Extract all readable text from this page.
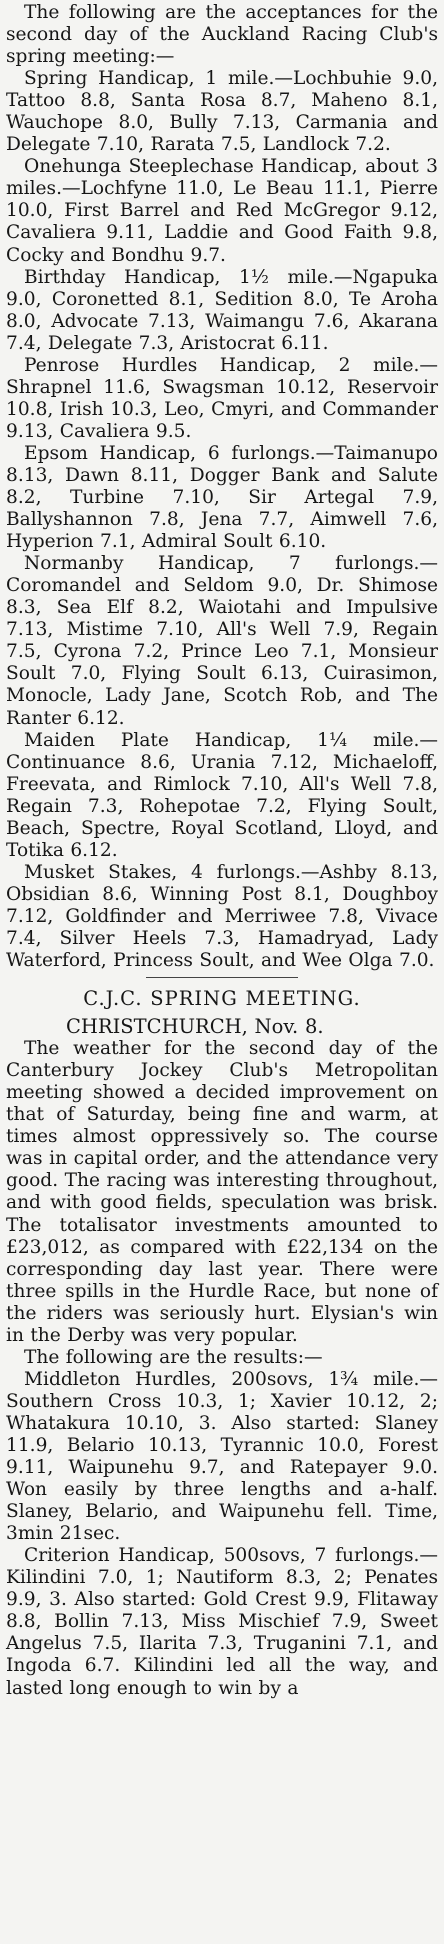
The following are the acceptances for the second day of the Auckland Racing Club's spring meeting:—

Spring Handicap, 1 mile.—Lochbuhie 9.0, Tattoo 8.8, Santa Rosa 8.7, Maheno 8.1, Wauchope 8.0, Bully 7.13, Carmania and Delegate 7.10, Rarata 7.5, Landlock 7.2.

Onehunga Steeplechase Handicap, about 3 miles.—Lochfyne 11.0, Le Beau 11.1, Pierre 10.0, First Barrel and Red McGregor 9.12, Cavaliera 9.11, Laddie and Good Faith 9.8, Cocky and Bondhu 9.7.

Birthday Handicap, 1½ mile.—Ngapuka 9.0, Coronetted 8.1, Sedition 8.0, Te Aroha 8.0, Advocate 7.13, Waimangu 7.6, Akarana 7.4, Delegate 7.3, Aristocrat 6.11.

Penrose Hurdles Handicap, 2 mile.—Shrapnel 11.6, Swagsman 10.12, Reservoir 10.8, Irish 10.3, Leo, Cmyri, and Commander 9.13, Cavaliera 9.5.

Epsom Handicap, 6 furlongs.—Taimanupo 8.13, Dawn 8.11, Dogger Bank and Salute 8.2, Turbine 7.10, Sir Artegal 7.9, Ballyshannon 7.8, Jena 7.7, Aimwell 7.6, Hyperion 7.1, Admiral Soult 6.10.

Normanby Handicap, 7 furlongs.—Coromandel and Seldom 9.0, Dr. Shimose 8.3, Sea Elf 8.2, Waiotahi and Impulsive 7.13, Mistime 7.10, All's Well 7.9, Regain 7.5, Cyrona 7.2, Prince Leo 7.1, Monsieur Soult 7.0, Flying Soult 6.13, Cuirasimon, Monocle, Lady Jane, Scotch Rob, and The Ranter 6.12.

Maiden Plate Handicap, 1¼ mile.—Continuance 8.6, Urania 7.12, Michaeloff, Freevata, and Rimlock 7.10, All's Well 7.8, Regain 7.3, Rohepotae 7.2, Flying Soult, Beach, Spectre, Royal Scotland, Lloyd, and Totika 6.12.

Musket Stakes, 4 furlongs.—Ashby 8.13, Obsidian 8.6, Winning Post 8.1, Doughboy 7.12, Goldfinder and Merriwee 7.8, Vivace 7.4, Silver Heels 7.3, Hamadryad, Lady Waterford, Princess Soult, and Wee Olga 7.0.

C.J.C. SPRING MEETING.

CHRISTCHURCH, Nov. 8.

The weather for the second day of the Canterbury Jockey Club's Metropolitan meeting showed a decided improvement on that of Saturday, being fine and warm, at times almost oppressively so. The course was in capital order, and the attendance very good. The racing was interesting throughout, and with good fields, speculation was brisk. The totalisator investments amounted to £23,012, as compared with £22,134 on the corresponding day last year. There were three spills in the Hurdle Race, but none of the riders was seriously hurt. Elysian's win in the Derby was very popular.

The following are the results:—

Middleton Hurdles, 200sovs, 1¾ mile.—Southern Cross 10.3, 1; Xavier 10.12, 2; Whatakura 10.10, 3. Also started: Slaney 11.9, Belario 10.13, Tyrannic 10.0, Forest 9.11, Waipunehu 9.7, and Ratepayer 9.0. Won easily by three lengths and a-half. Slaney, Belario, and Waipunehu fell. Time, 3min 21sec.

Criterion Handicap, 500sovs, 7 furlongs.—Kilindini 7.0, 1; Nautiform 8.3, 2; Penates 9.9, 3. Also started: Gold Crest 9.9, Flitaway 8.8, Bollin 7.13, Miss Mischief 7.9, Sweet Angelus 7.5, Ilarita 7.3, Truganini 7.1, and Ingoda 6.7. Kilindini led all the way, and lasted long enough to win by a
